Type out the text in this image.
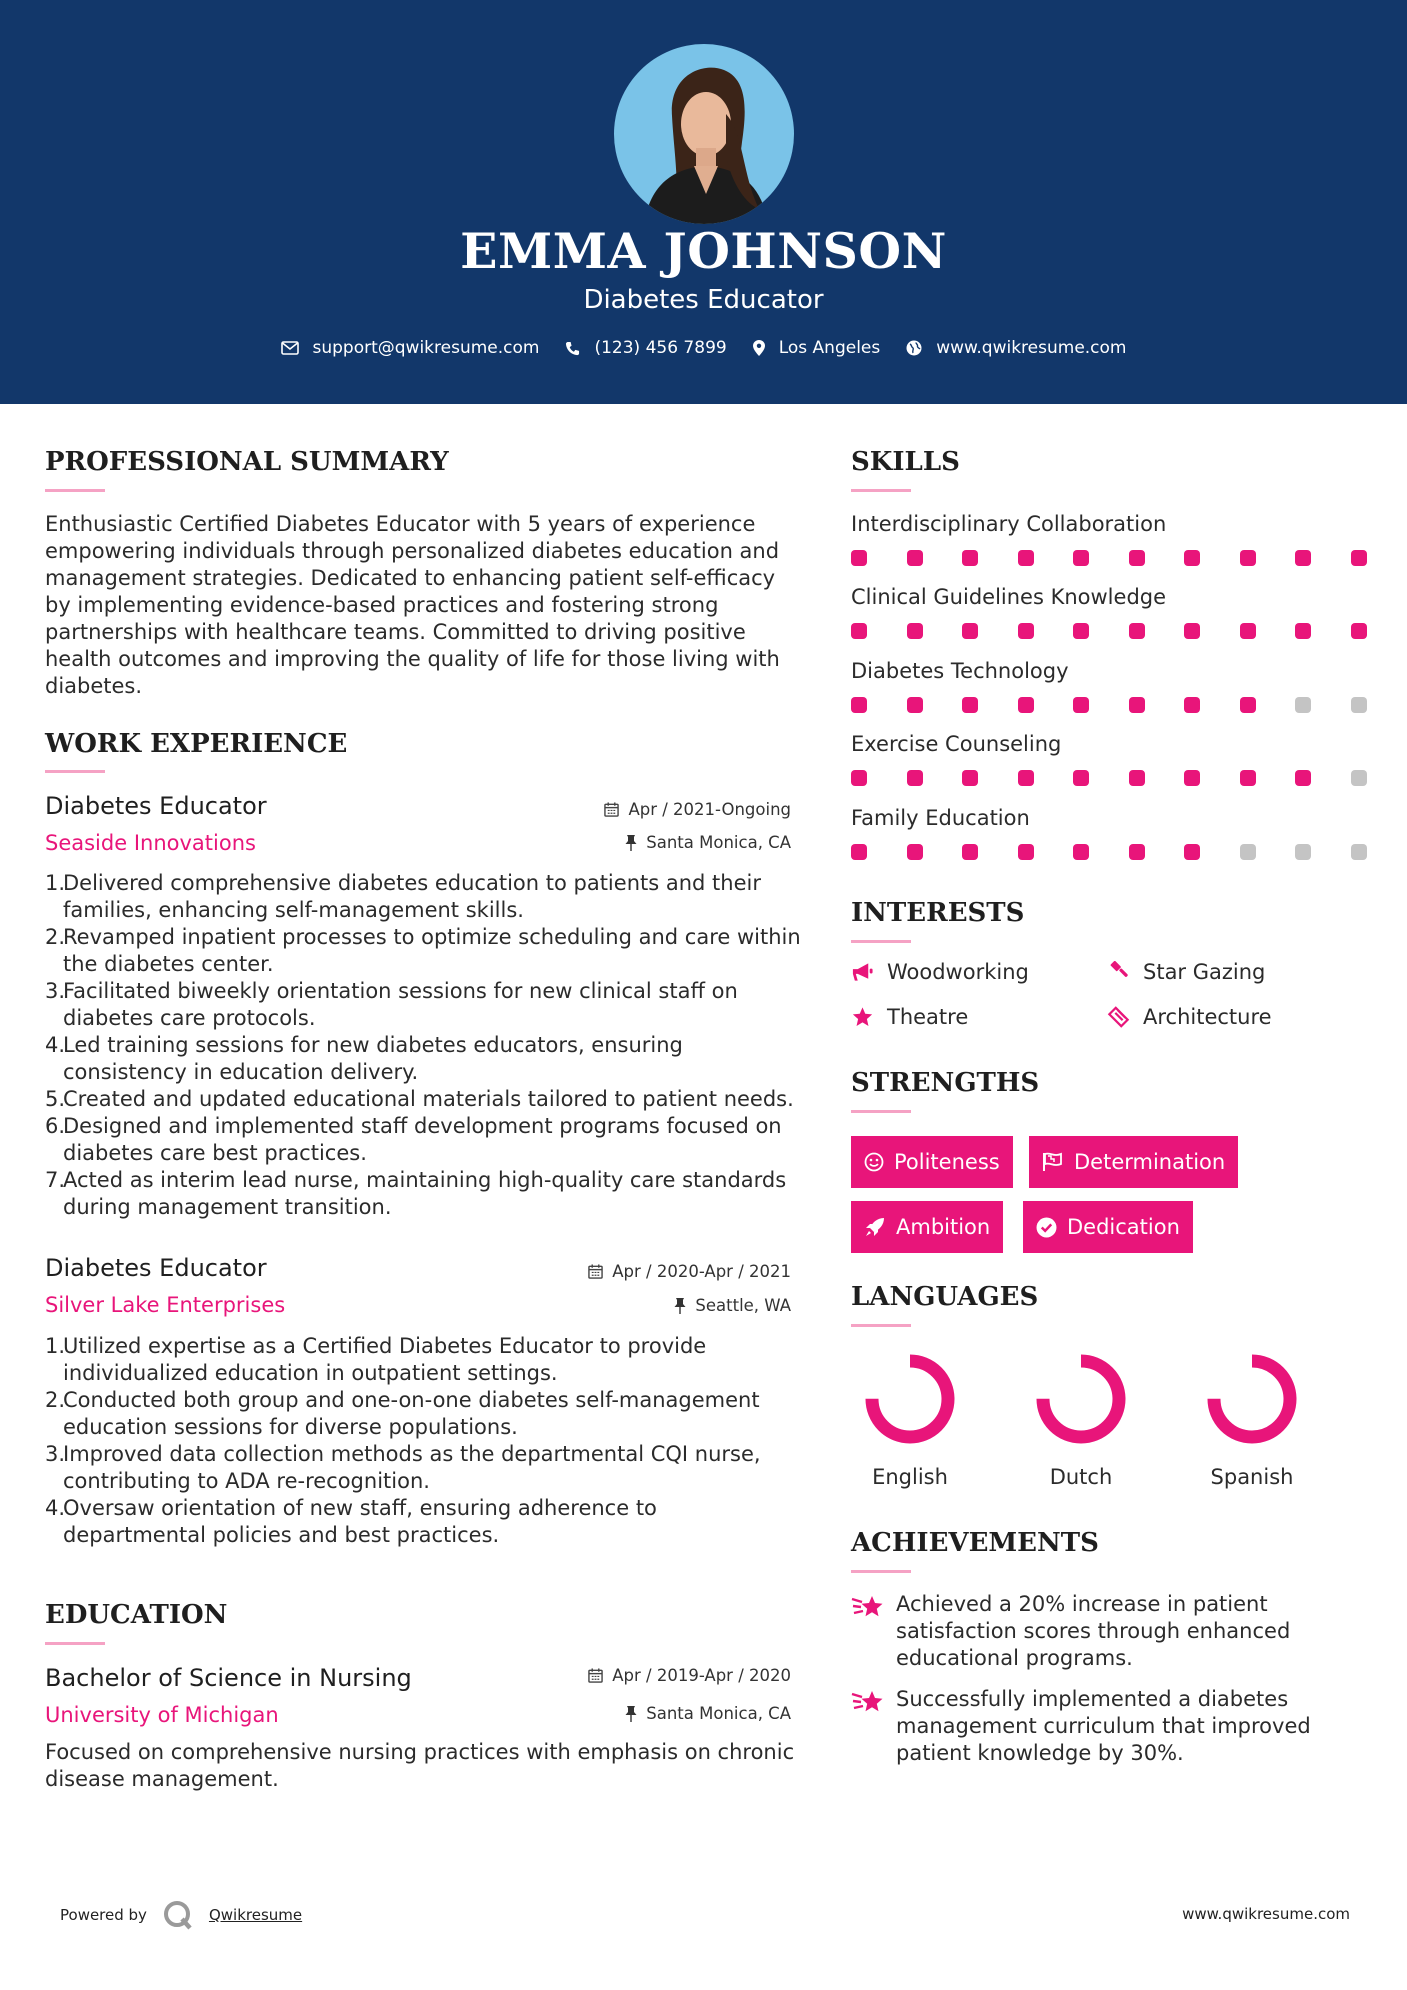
EMMA JOHNSON
Diabetes Educator
support@qwikresume.com	(123) 456 7899	Los Angeles	www.qwikresume.com
PROFESSIONAL SUMMARY
Enthusiastic Certified Diabetes Educator with 5 years of experience empowering individuals through personalized diabetes education and management strategies. Dedicated to enhancing patient self-efficacy by implementing evidence-based practices and fostering strong partnerships with healthcare teams. Committed to driving positive health outcomes and improving the quality of life for those living with diabetes.
WORK EXPERIENCE
Diabetes Educator	Apr / 2021-Ongoing
Seaside Innovations	Santa Monica, CA
1.
Delivered comprehensive diabetes education to patients and their families, enhancing self-management skills.
2.
Revamped inpatient processes to optimize scheduling and care within the diabetes center.
3.
Facilitated biweekly orientation sessions for new clinical staff on diabetes care protocols.
4.
Led training sessions for new diabetes educators, ensuring consistency in education delivery.
5.
Created and updated educational materials tailored to patient needs.
6.
Designed and implemented staff development programs focused on diabetes care best practices.
7.
Acted as interim lead nurse, maintaining high-quality care standards during management transition.
Diabetes Educator	Apr / 2020-Apr / 2021
Silver Lake Enterprises	Seattle, WA
1.
Utilized expertise as a Certified Diabetes Educator to provide individualized education in outpatient settings.
2.
Conducted both group and one-on-one diabetes self-management education sessions for diverse populations.
3.
Improved data collection methods as the departmental CQI nurse, contributing to ADA re-recognition.
4.
Oversaw orientation of new staff, ensuring adherence to departmental policies and best practices.
EDUCATION
Bachelor of Science in Nursing	Apr / 2019-Apr / 2020
University of Michigan	Santa Monica, CA
Focused on comprehensive nursing practices with emphasis on chronic disease management.
SKILLS
Interdisciplinary Collaboration
Clinical Guidelines Knowledge
Diabetes Technology
Exercise Counseling
Family Education
INTERESTS
Woodworking	Star Gazing
Theatre	Architecture
STRENGTHS
Politeness	Determination
Ambition	Dedication
LANGUAGES
English	Dutch	Spanish
ACHIEVEMENTS
Achieved a 20% increase in patient satisfaction scores through enhanced educational programs.
Successfully implemented a diabetes management curriculum that improved patient knowledge by 30%.
Powered by	Qwikresume	www.qwikresume.com
